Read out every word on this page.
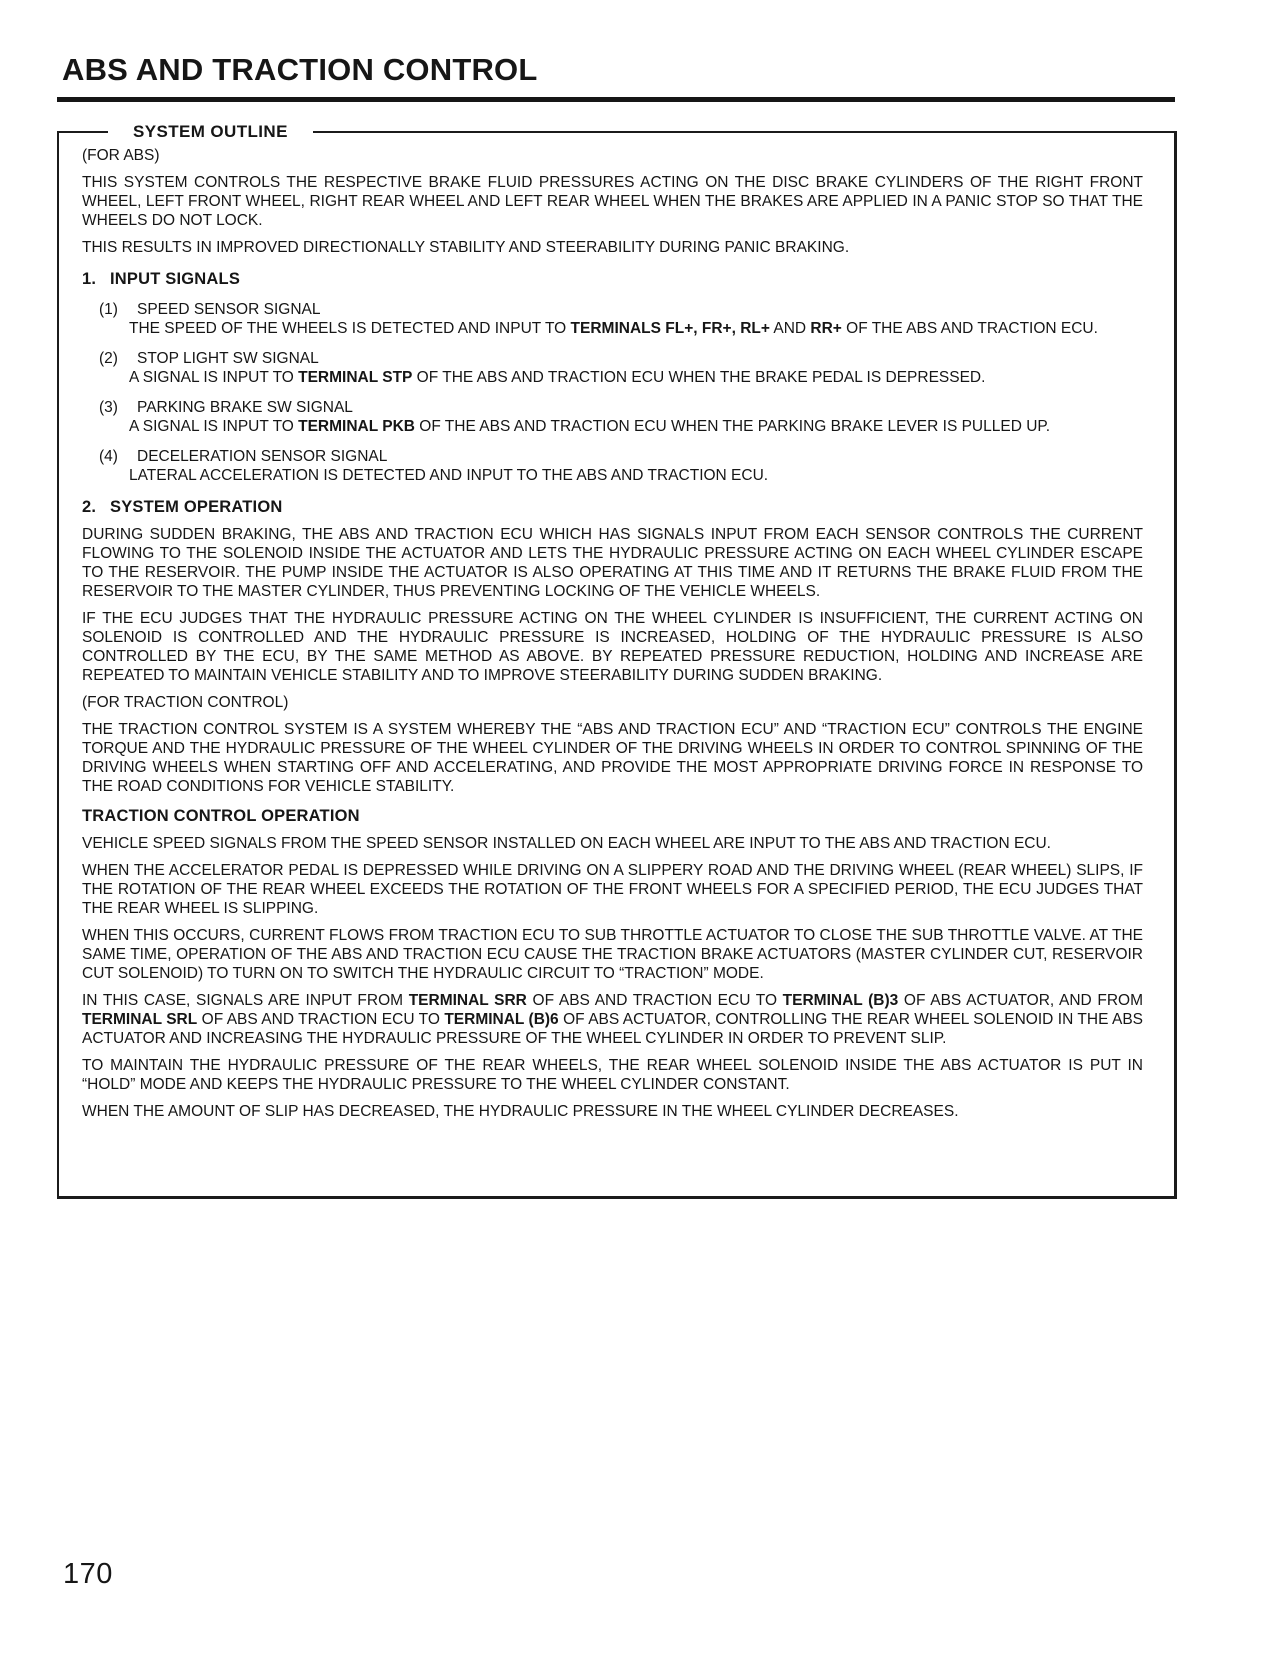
ABS AND TRACTION CONTROL
SYSTEM OUTLINE

(FOR ABS)

THIS SYSTEM CONTROLS THE RESPECTIVE BRAKE FLUID PRESSURES ACTING ON THE DISC BRAKE CYLINDERS OF THE RIGHT FRONT WHEEL, LEFT FRONT WHEEL, RIGHT REAR WHEEL AND LEFT REAR WHEEL WHEN THE BRAKES ARE APPLIED IN A PANIC STOP SO THAT THE WHEELS DO NOT LOCK.

THIS RESULTS IN IMPROVED DIRECTIONALLY STABILITY AND STEERABILITY DURING PANIC BRAKING.

1. INPUT SIGNALS
(1)	SPEED SENSOR SIGNAL

THE SPEED OF THE WHEELS IS DETECTED AND INPUT TO TERMINALS FL+, FR+, RL+ AND RR+ OF THE ABS AND TRACTION ECU.

(2)	STOP LIGHT SW SIGNAL

A SIGNAL IS INPUT TO TERMINAL STP OF THE ABS AND TRACTION ECU WHEN THE BRAKE PEDAL IS DEPRESSED.

(3)	PARKING BRAKE SW SIGNAL

A SIGNAL IS INPUT TO TERMINAL PKB OF THE ABS AND TRACTION ECU WHEN THE PARKING BRAKE LEVER IS PULLED UP.

(4)	DECELERATION SENSOR SIGNAL

LATERAL ACCELERATION IS DETECTED AND INPUT TO THE ABS AND TRACTION ECU.

2. SYSTEM OPERATION

DURING SUDDEN BRAKING, THE ABS AND TRACTION ECU WHICH HAS SIGNALS INPUT FROM EACH SENSOR CONTROLS THE CURRENT FLOWING TO THE SOLENOID INSIDE THE ACTUATOR AND LETS THE HYDRAULIC PRESSURE ACTING ON EACH WHEEL CYLINDER ESCAPE TO THE RESERVOIR. THE PUMP INSIDE THE ACTUATOR IS ALSO OPERATING AT THIS TIME AND IT RETURNS THE BRAKE FLUID FROM THE RESERVOIR TO THE MASTER CYLINDER, THUS PREVENTING LOCKING OF THE VEHICLE WHEELS.

IF THE ECU JUDGES THAT THE HYDRAULIC PRESSURE ACTING ON THE WHEEL CYLINDER IS INSUFFICIENT, THE CURRENT ACTING ON SOLENOID IS CONTROLLED AND THE HYDRAULIC PRESSURE IS INCREASED, HOLDING OF THE HYDRAULIC PRESSURE IS ALSO CONTROLLED BY THE ECU, BY THE SAME METHOD AS ABOVE. BY REPEATED PRESSURE REDUCTION, HOLDING AND INCREASE ARE REPEATED TO MAINTAIN VEHICLE STABILITY AND TO IMPROVE STEERABILITY DURING SUDDEN BRAKING.

(FOR TRACTION CONTROL)

THE TRACTION CONTROL SYSTEM IS A SYSTEM WHEREBY THE “ABS AND TRACTION ECU” AND “TRACTION ECU” CONTROLS THE ENGINE TORQUE AND THE HYDRAULIC PRESSURE OF THE WHEEL CYLINDER OF THE DRIVING WHEELS IN ORDER TO CONTROL SPINNING OF THE DRIVING WHEELS WHEN STARTING OFF AND ACCELERATING, AND PROVIDE THE MOST APPROPRIATE DRIVING FORCE IN RESPONSE TO THE ROAD CONDITIONS FOR VEHICLE STABILITY.

TRACTION CONTROL OPERATION

VEHICLE SPEED SIGNALS FROM THE SPEED SENSOR INSTALLED ON EACH WHEEL ARE INPUT TO THE ABS AND TRACTION ECU.

WHEN THE ACCELERATOR PEDAL IS DEPRESSED WHILE DRIVING ON A SLIPPERY ROAD AND THE DRIVING WHEEL (REAR WHEEL) SLIPS, IF THE ROTATION OF THE REAR WHEEL EXCEEDS THE ROTATION OF THE FRONT WHEELS FOR A SPECIFIED PERIOD, THE ECU JUDGES THAT THE REAR WHEEL IS SLIPPING.

WHEN THIS OCCURS, CURRENT FLOWS FROM TRACTION ECU TO SUB THROTTLE ACTUATOR TO CLOSE THE SUB THROTTLE VALVE. AT THE SAME TIME, OPERATION OF THE ABS AND TRACTION ECU CAUSE THE TRACTION BRAKE ACTUATORS (MASTER CYLINDER CUT, RESERVOIR CUT SOLENOID) TO TURN ON TO SWITCH THE HYDRAULIC CIRCUIT TO “TRACTION” MODE.

IN THIS CASE, SIGNALS ARE INPUT FROM TERMINAL SRR OF ABS AND TRACTION ECU TO TERMINAL (B)3 OF ABS ACTUATOR, AND FROM TERMINAL SRL OF ABS AND TRACTION ECU TO TERMINAL (B)6 OF ABS ACTUATOR, CONTROLLING THE REAR WHEEL SOLENOID IN THE ABS ACTUATOR AND INCREASING THE HYDRAULIC PRESSURE OF THE WHEEL CYLINDER IN ORDER TO PREVENT SLIP.

TO MAINTAIN THE HYDRAULIC PRESSURE OF THE REAR WHEELS, THE REAR WHEEL SOLENOID INSIDE THE ABS ACTUATOR IS PUT IN “HOLD” MODE AND KEEPS THE HYDRAULIC PRESSURE TO THE WHEEL CYLINDER CONSTANT.

WHEN THE AMOUNT OF SLIP HAS DECREASED, THE HYDRAULIC PRESSURE IN THE WHEEL CYLINDER DECREASES.

170
